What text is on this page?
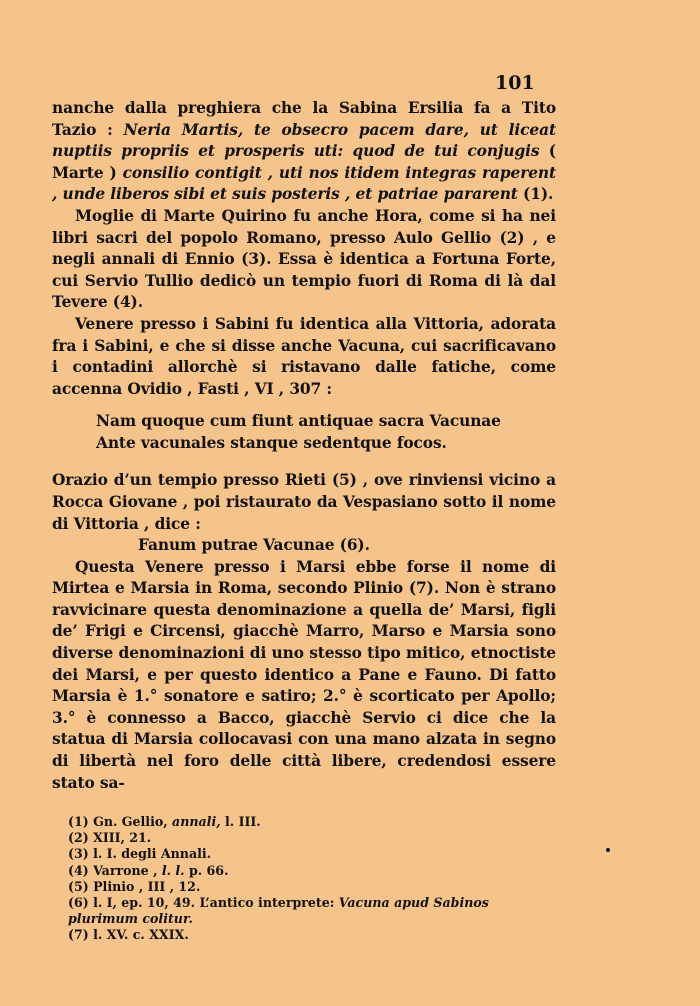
101

nanche dalla preghiera che la Sabina Ersilia fa a Tito Tazio : Neria Martis, te obsecro pacem dare, ut liceat nuptiis propriis et prosperis uti: quod de tui conjugis ( Marte ) consilio contigit , uti nos itidem integras raperent , unde liberos sibi et suis posteris , et patriae pararent (1).

Moglie di Marte Quirino fu anche Hora, come si ha nei libri sacri del popolo Romano, presso Aulo Gellio (2) , e negli annali di Ennio (3). Essa è identica a Fortuna Forte, cui Servio Tullio dedicò un tempio fuori di Roma di là dal Tevere (4).

Venere presso i Sabini fu identica alla Vittoria, adorata fra i Sabini, e che si disse anche Vacuna, cui sacrificavano i contadini allorchè si ristavano dalle fatiche, come accenna Ovidio , Fasti , VI , 307 :

Nam quoque cum fiunt antiquae sacra Vacunae
Ante vacunales stanque sedentque focos.

Orazio d’un tempio presso Rieti (5) , ove rinviensi vicino a Rocca Giovane , poi ristaurato da Vespasiano sotto il nome di Vittoria , dice :

Fanum putrae Vacunae (6).

Questa Venere presso i Marsi ebbe forse il nome di Mirtea e Marsia in Roma, secondo Plinio (7). Non è strano ravvicinare questa denominazione a quella de’ Marsi, figli de’ Frigi e Circensi, giacchè Marro, Marso e Marsia sono diverse denominazioni di uno stesso tipo mitico, etnoctiste dei Marsi, e per questo identico a Pane e Fauno. Di fatto Marsia è 1.° sonatore e satiro; 2.° è scorticato per Apollo; 3.° è connesso a Bacco, giacchè Servio ci dice che la statua di Marsia collocavasi con una mano alzata in segno di libertà nel foro delle città libere, credendosi essere stato sa-

(1) Gn. Gellio, annali, l. III.
(2) XIII, 21.
(3) l. I. degli Annali.
(4) Varrone , l. l. p. 66.
(5) Plinio , III , 12.
(6) l. I, ep. 10, 49. L’antico interprete: Vacuna apud Sabinos plurimum colitur.
(7) l. XV. c. XXIX.
